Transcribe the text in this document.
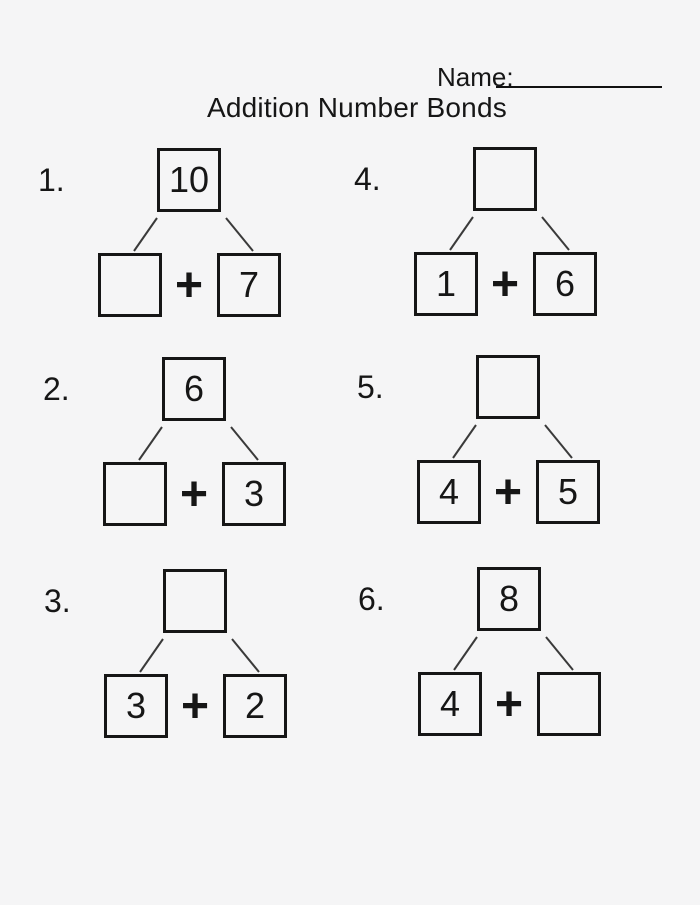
Name:
Addition Number Bonds
1.	10
+ 7
2.	6
+ 3
3.
3 + 2
4.
1 + 6
5.
4 + 5
6.	8
4 +
